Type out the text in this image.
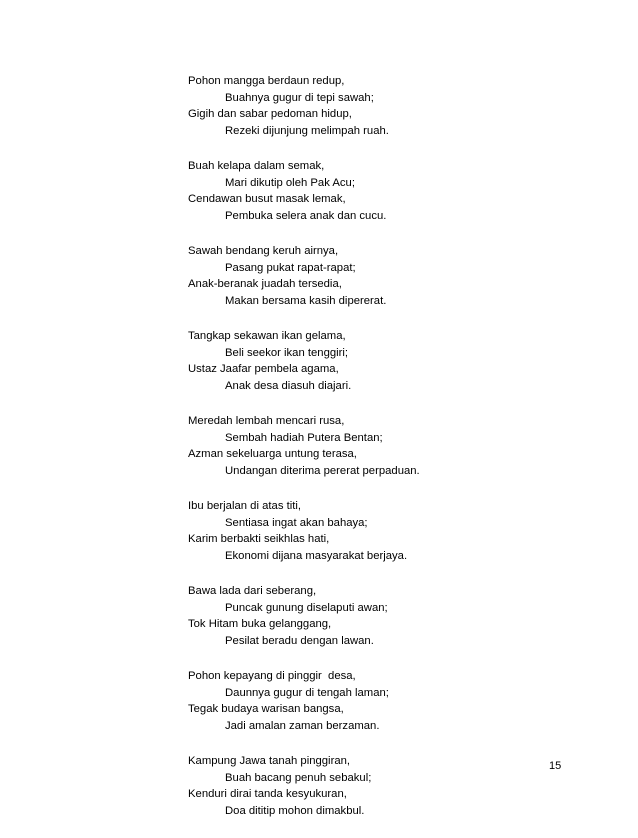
Pohon mangga berdaun redup,
Buahnya gugur di tepi sawah;
Gigih dan sabar pedoman hidup,
Rezeki dijunjung melimpah ruah.
Buah kelapa dalam semak,
Mari dikutip oleh Pak Acu;
Cendawan busut masak lemak,
Pembuka selera anak dan cucu.
Sawah bendang keruh airnya,
Pasang pukat rapat-rapat;
Anak-beranak juadah tersedia,
Makan bersama kasih dipererat.
Tangkap sekawan ikan gelama,
Beli seekor ikan tenggiri;
Ustaz Jaafar pembela agama,
Anak desa diasuh diajari.
Meredah lembah mencari rusa,
Sembah hadiah Putera Bentan;
Azman sekeluarga untung terasa,
Undangan diterima pererat perpaduan.
Ibu berjalan di atas titi,
Sentiasa ingat akan bahaya;
Karim berbakti seikhlas hati,
Ekonomi dijana masyarakat berjaya.
Bawa lada dari seberang,
Puncak gunung diselaputi awan;
Tok Hitam buka gelanggang,
Pesilat beradu dengan lawan.
Pohon kepayang di pinggir  desa,
Daunnya gugur di tengah laman;
Tegak budaya warisan bangsa,
Jadi amalan zaman berzaman.
Kampung Jawa tanah pinggiran,
Buah bacang penuh sebakul;
Kenduri dirai tanda kesyukuran,
Doa dititip mohon dimakbul.
15
